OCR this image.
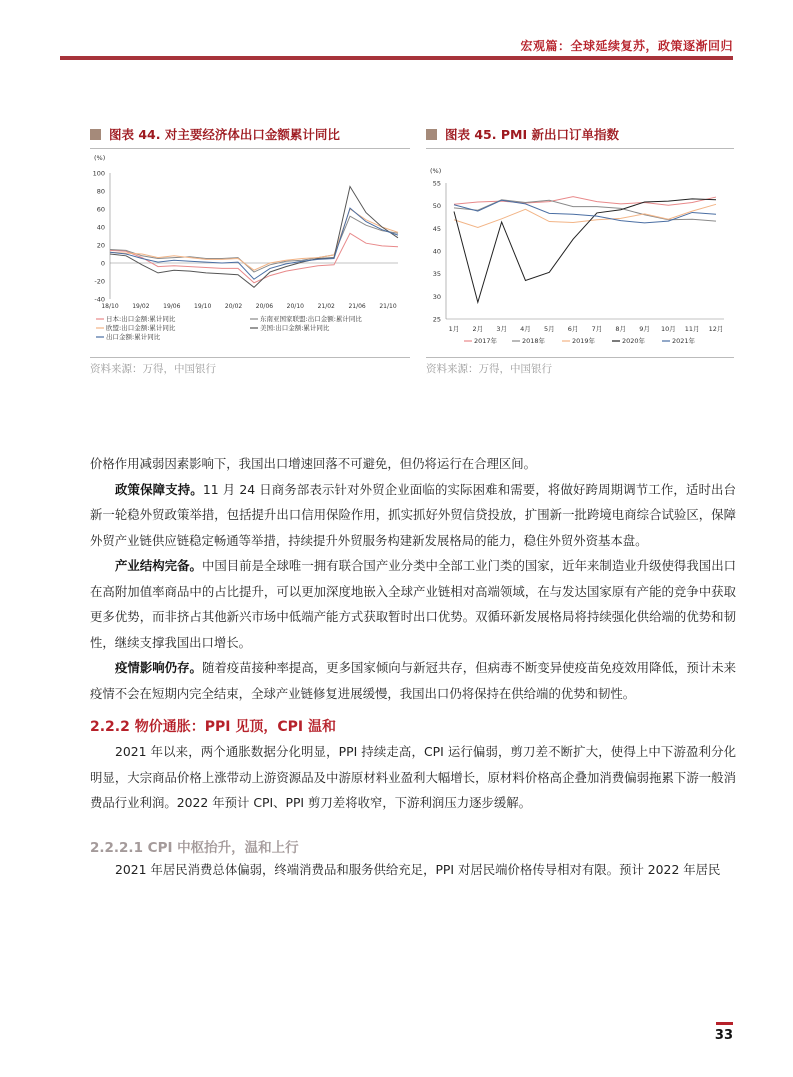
宏观篇：全球延续复苏，政策逐渐回归
图表 44. 对主要经济体出口金额累计同比
(%)
100
80
60
40
20
0
-20
-40
18/10 19/02 19/06 19/10 20/02 20/06 20/10 21/02 21/06 21/10
日本:出口金额:累计同比	东南亚国家联盟:出口金额:累计同比
欧盟:出口金额:累计同比	美国:出口金额:累计同比
出口金额:累计同比
资料来源：万得，中国银行
图表 45. PMI 新出口订单指数
(%)
55
50
45
40
35
30
25
1月 2月 3月 4月 5月 6月 7月 8月 9月 10月 11月 12月
2017年	2018年	2019年	2020年	2021年
资料来源：万得，中国银行

价格作用减弱因素影响下，我国出口增速回落不可避免，但仍将运行在合理区间。

政策保障支持。11 月 24 日商务部表示针对外贸企业面临的实际困难和需要，将做好跨周期调节工作，适时出台新一轮稳外贸政策举措，包括提升出口信用保险作用，抓实抓好外贸信贷投放，扩围新一批跨境电商综合试验区，保障外贸产业链供应链稳定畅通等举措，持续提升外贸服务构建新发展格局的能力，稳住外贸外资基本盘。

产业结构完备。中国目前是全球唯一拥有联合国产业分类中全部工业门类的国家，近年来制造业升级使得我国出口在高附加值率商品中的占比提升，可以更加深度地嵌入全球产业链相对高端领域，在与发达国家原有产能的竞争中获取更多优势，而非挤占其他新兴市场中低端产能方式获取暂时出口优势。双循环新发展格局将持续强化供给端的优势和韧性，继续支撑我国出口增长。

疫情影响仍存。随着疫苗接种率提高，更多国家倾向与新冠共存，但病毒不断变异使疫苗免疫效用降低，预计未来疫情不会在短期内完全结束，全球产业链修复进展缓慢，我国出口仍将保持在供给端的优势和韧性。

2.2.2 物价通胀：PPI 见顶，CPI 温和

2021 年以来，两个通胀数据分化明显，PPI 持续走高，CPI 运行偏弱，剪刀差不断扩大，使得上中下游盈利分化明显，大宗商品价格上涨带动上游资源品及中游原材料业盈利大幅增长，原材料价格高企叠加消费偏弱拖累下游一般消费品行业利润。2022 年预计 CPI、PPI 剪刀差将收窄，下游利润压力逐步缓解。

2.2.2.1 CPI 中枢抬升，温和上行

2021 年居民消费总体偏弱，终端消费品和服务供给充足，PPI 对居民端价格传导相对有限。预计 2022 年居民

33
